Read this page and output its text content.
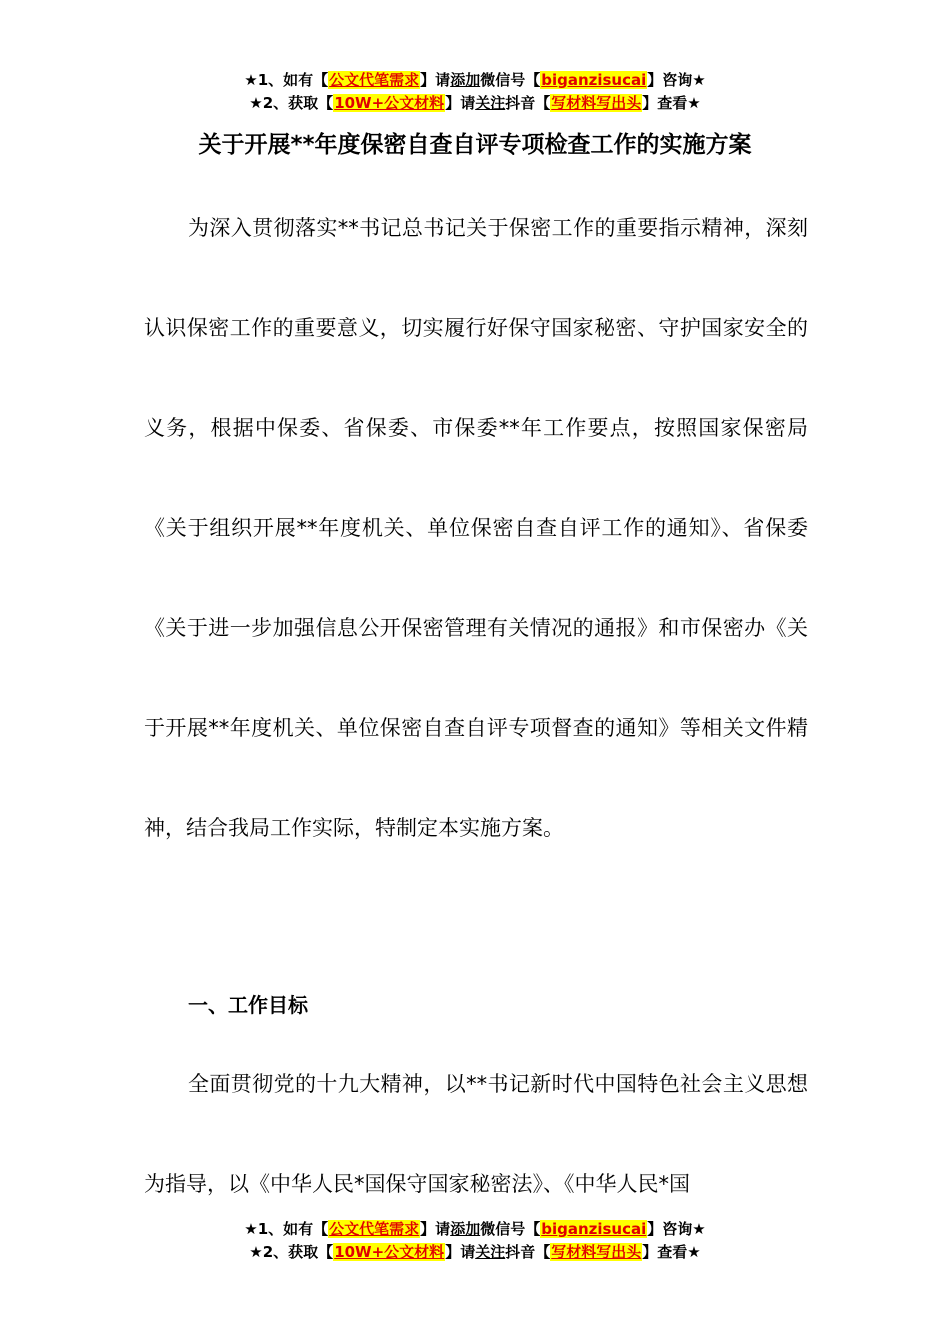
★1、如有【公文代笔需求】请添加微信号【biganzisucai】咨询★
★2、获取【10W+公文材料】请关注抖音【写材料写出头】查看★
关于开展**年度保密自查自评专项检查工作的实施方案
为深入贯彻落实**书记总书记关于保密工作的重要指示精神，深刻认识保密工作的重要意义，切实履行好保守国家秘密、守护国家安全的义务，根据中保委、省保委、市保委**年工作要点，按照国家保密局《关于组织开展**年度机关、单位保密自查自评工作的通知》、省保委《关于进一步加强信息公开保密管理有关情况的通报》和市保密办《关于开展**年度机关、单位保密自查自评专项督查的通知》等相关文件精神，结合我局工作实际，特制定本实施方案。
一、工作目标
全面贯彻党的十九大精神，以**书记新时代中国特色社会主义思想为指导，以《中华人民*国保守国家秘密法》、《中华人民*国
★1、如有【公文代笔需求】请添加微信号【biganzisucai】咨询★
★2、获取【10W+公文材料】请关注抖音【写材料写出头】查看★
